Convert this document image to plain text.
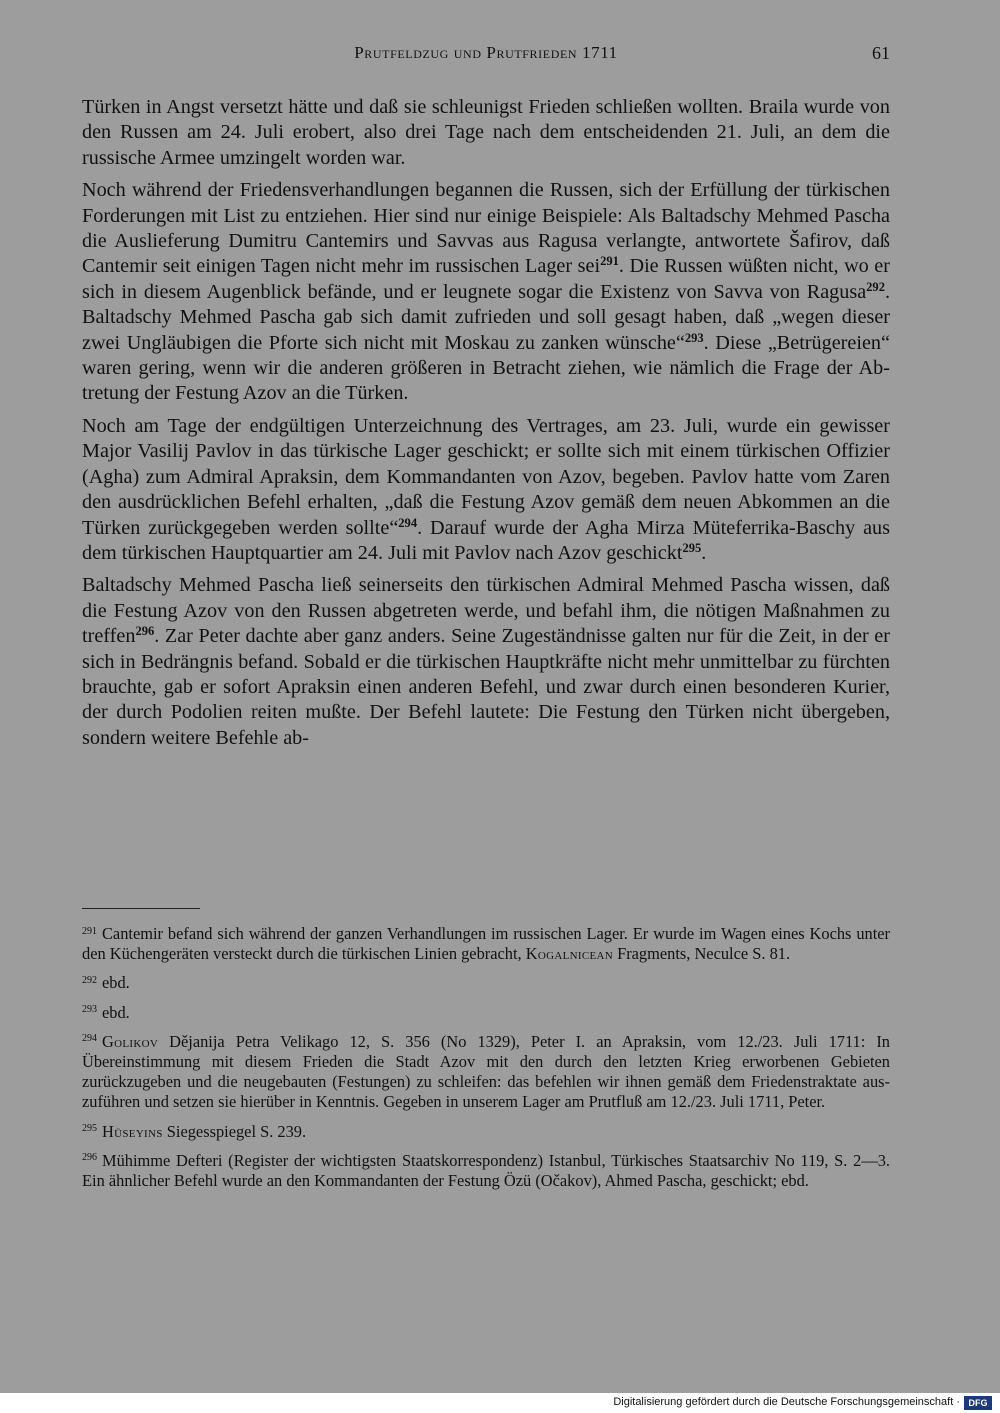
Prutfeldzug und Prutfrieden 1711	61

Türken in Angst versetzt hätte und daß sie schleunigst Frieden schließen wollten. Braila wurde von den Russen am 24. Juli erobert, also drei Tage nach dem entscheidenden 21. Juli, an dem die russische Armee umzingelt worden war.

Noch während der Friedensverhandlungen begannen die Russen, sich der Erfüllung der türkischen Forderungen mit List zu entziehen. Hier sind nur einige Beispiele: Als Baltadschy Mehmed Pascha die Auslieferung Dumitru Cantemirs und Savvas aus Ragusa verlangte, antwortete Šafirov, daß Cantemir seit einigen Tagen nicht mehr im russischen Lager sei$^{291}$. Die Russen wüßten nicht, wo er sich in diesem Augenblick befände, und er leugnete sogar die Existenz von Savva von Ragusa$^{292}$. Baltadschy Mehmed Pascha gab sich damit zufrieden und soll gesagt haben, daß „wegen dieser zwei Ungläubigen die Pforte sich nicht mit Moskau zu zanken wünsche“$^{293}$. Diese „Betrügereien“ waren gering, wenn wir die anderen größeren in Betracht ziehen, wie nämlich die Frage der Abtretung der Festung Azov an die Türken.

Noch am Tage der endgültigen Unterzeichnung des Vertrages, am 23. Juli, wurde ein gewisser Major Vasilij Pavlov in das türkische Lager geschickt; er sollte sich mit einem türkischen Offizier (Agha) zum Admiral Apraksin, dem Kommandanten von Azov, begeben. Pavlov hatte vom Zaren den ausdrücklichen Befehl erhalten, „daß die Festung Azov gemäß dem neuen Abkommen an die Türken zurückgegeben werden sollte“$^{294}$. Darauf wurde der Agha Mirza Müteferrika-Baschy aus dem türkischen Hauptquartier am 24. Juli mit Pavlov nach Azov geschickt$^{295}$.

Baltadschy Mehmed Pascha ließ seinerseits den türkischen Admiral Mehmed Pascha wissen, daß die Festung Azov von den Russen abgetreten werde, und befahl ihm, die nötigen Maßnahmen zu treffen$^{296}$. Zar Peter dachte aber ganz anders. Seine Zugeständnisse galten nur für die Zeit, in der er sich in Bedrängnis befand. Sobald er die türkischen Hauptkräfte nicht mehr unmittelbar zu fürchten brauchte, gab er sofort Apraksin einen anderen Befehl, und zwar durch einen besonderen Kurier, der durch Podolien reiten mußte. Der Befehl lautete: Die Festung den Türken nicht übergeben, sondern weitere Befehle ab-

$^{291}$ Cantemir befand sich während der ganzen Verhandlungen im russischen Lager. Er wurde im Wagen eines Kochs unter den Küchengeräten versteckt durch die türkischen Linien gebracht, Kogalnicean Fragments, Neculce S. 81.

$^{292}$ ebd.

$^{293}$ ebd.

$^{294}$ Golikov Dějanija Petra Velikago 12, S. 356 (No 1329), Peter I. an Apraksin, vom 12./23. Juli 1711: In Übereinstimmung mit diesem Frieden die Stadt Azov mit den durch den letzten Krieg erworbenen Gebieten zurückzugeben und die neugebauten (Festungen) zu schleifen: das befehlen wir ihnen gemäß dem Friedenstraktate auszuführen und setzen sie hierüber in Kenntnis. Gegeben in unserem Lager am Prutfluß am 12./23. Juli 1711, Peter.

$^{295}$ Hüseyins Siegesspiegel S. 239.

$^{296}$ Mühimme Defteri (Register der wichtigsten Staatskorrespondenz) Istanbul, Türkisches Staatsarchiv No 119, S. 2—3. Ein ähnlicher Befehl wurde an den Kommandanten der Festung Özü (Očakov), Ahmed Pascha, geschickt; ebd.

Digitalisierung gefördert durch die Deutsche Forschungsgemeinschaft · DFG
